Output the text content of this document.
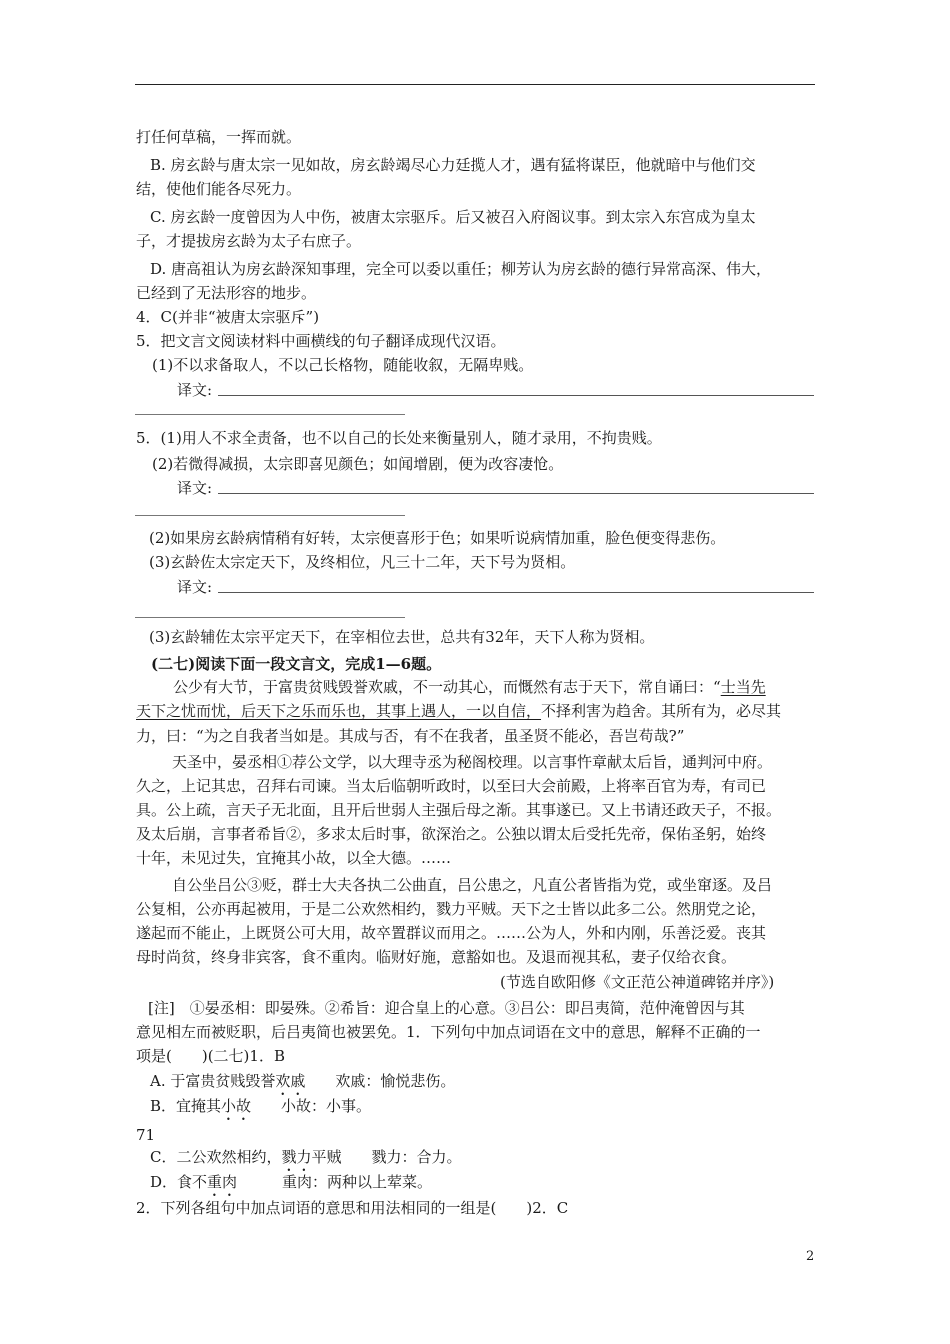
打任何草稿，一挥而就。
B. 房玄龄与唐太宗一见如故，房玄龄竭尽心力廷揽人才，遇有猛将谋臣，他就暗中与他们交
结，使他们能各尽死力。
C. 房玄龄一度曾因为人中伤，被唐太宗驱斥。后又被召入府阁议事。到太宗入东宫成为皇太
子，才提拔房玄龄为太子右庶子。
D. 唐高祖认为房玄龄深知事理，完全可以委以重任；柳芳认为房玄龄的德行异常高深、伟大，
已经到了无法形容的地步。
4．C(并非“被唐太宗驱斥”)
5．把文言文阅读材料中画横线的句子翻译成现代汉语。
(1)不以求备取人，不以己长格物，随能收叙，无隔卑贱。
译文:
5．(1)用人不求全责备，也不以自己的长处来衡量别人，随才录用，不拘贵贱。
(2)若微得减损，太宗即喜见颜色；如闻增剧，便为改容凄怆。
译文:
(2)如果房玄龄病情稍有好转，太宗便喜形于色；如果听说病情加重，脸色便变得悲伤。
(3)玄龄佐太宗定天下，及终相位，凡三十二年，天下号为贤相。
译文:
(3)玄龄辅佐太宗平定天下，在宰相位去世，总共有32年，天下人称为贤相。
(二七)阅读下面一段文言文，完成1—6题。
公少有大节，于富贵贫贱毁誉欢戚，不一动其心，而慨然有志于天下，常自诵曰：“士当先
天下之忧而忧，后天下之乐而乐也，其事上遇人，一以自信，不择利害为趋舍。其所有为，必尽其
力，曰：“为之自我者当如是。其成与否，有不在我者，虽圣贤不能必，吾岂苟哉?”
天圣中，晏丞相①荐公文学，以大理寺丞为秘阁校理。以言事忤章献太后旨，通判河中府。
久之，上记其忠，召拜右司谏。当太后临朝听政时，以至曰大会前殿，上将率百官为寿，有司已
具。公上疏，言天子无北面，且开后世弱人主强后母之渐。其事遂已。又上书请还政天子，不报。
及太后崩，言事者希旨②，多求太后时事，欲深治之。公独以谓太后受托先帝，保佑圣躬，始终
十年，未见过失，宜掩其小故，以全大德。……
自公坐吕公③贬，群士大夫各执二公曲直，吕公患之，凡直公者皆指为党，或坐窜逐。及吕
公复相，公亦再起被用，于是二公欢然相约，戮力平贼。天下之士皆以此多二公。然朋党之论，
遂起而不能止，上既贤公可大用，故卒置群议而用之。……公为人，外和内刚，乐善泛爱。丧其
母时尚贫，终身非宾客，食不重肉。临财好施，意豁如也。及退而视其私，妻子仅给衣食。
(节选自欧阳修《文正范公神道碑铭并序》)
[注]　①晏丞相：即晏殊。②希旨：迎合皇上的心意。③吕公：即吕夷简，范仲淹曾因与其
意见相左而被贬职，后吕夷简也被罢免。1．下列句中加点词语在文中的意思，解释不正确的一
项是(　　)(二七)1．B
A. 于富贵贫贱毁誉欢戚　　欢戚：愉悦悲伤。
B．宜掩其小故　　小故：小事。
71
C．二公欢然相约，戮力平贼　　戮力：合力。
D．食不重肉　　　重肉：两种以上荤菜。
2．下列各组句中加点词语的意思和用法相同的一组是(　　)2．C
2
